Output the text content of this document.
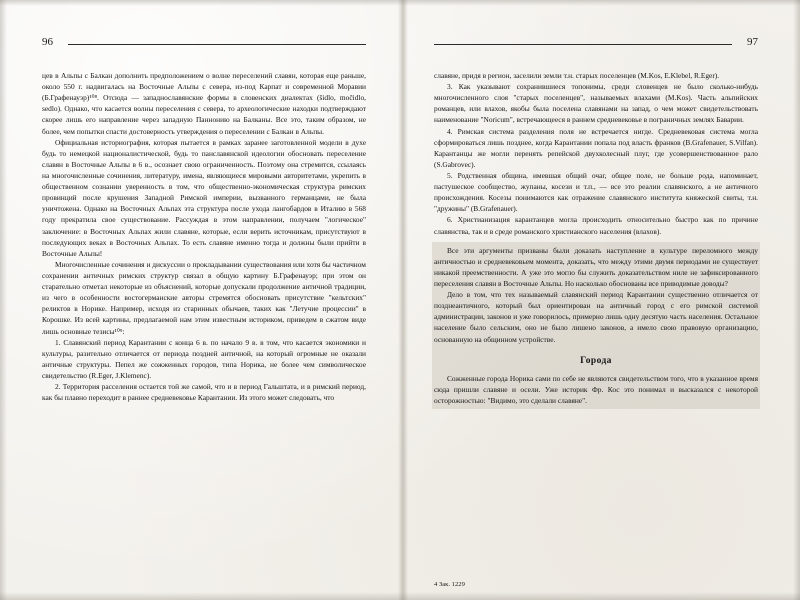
96

цев в Альпы с Балкан дополнить предположением о волне переселений славян, которая еще раньше, около 550 г. надвигалась на Восточные Альпы с севера, из-под Карпат и современной Моравии (Б.Графенауэр)¹⁰⁸. Отсюда — западнославянские формы в словенских диалектах (šidlo, močidlo, sedlo). Однако, что касается волны переселения с севера, то археологические находки подтверждают скорее лишь его направление через западную Паннонию на Балканы. Все это, таким образом, не более, чем попытки спасти достоверность утверждения о переселении с Балкан в Альпы.

Официальная историография, которая пытается в рамках заранее заготовленной модели в духе будь то немецкой националистической, будь то панславянской идеологии обосновать переселение славян в Восточные Альпы в 6 в., осознает свою ограниченность. Поэтому она стремится, ссылаясь на многочисленные сочинения, литературу, имена, являющиеся мировыми авторитетами, укрепить в общественном сознании уверенность в том, что общественно-экономическая структура римских провинций после крушения Западной Римской империи, вызванного германцами, не была уничтожена. Однако на Восточных Альпах эта структура после ухода лангобардов в Италию в 568 году прекратила свое существование. Рассуждая в этом направлении, получаем "логическое" заключение: в Восточных Альпах жили славяне, которые, если верить источникам, присутствуют в последующих веках в Восточных Альпах. То есть славяне именно тогда и должны были прийти в Восточные Альпы!

Многочисленные сочинения и дискуссии о прокладывании существования или хотя бы частичном сохранении античных римских структур связал в общую картину Б.Графенауэр; при этом он старательно отметал некоторые из объяснений, которые допускали продолжение античной традиции, из чего в особенности востогерманские авторы стремятся обосновать присутствие "кельтских" реликтов в Норике. Например, исходя из старинных обычаев, таких как "Летучие процессии" в Корошке. Из всей картины, предлагаемой нам этим известным историком, приведем в сжатом виде лишь основные тезисы¹⁰⁹:

1. Славянский период Карантании с конца 6 в. по начало 9 в. в том, что касается экономики и культуры, разительно отличается от периода поздней античной, на который огромные не оказали античные структуры. Пепел же сожженных городов, типа Норика, не более чем символическое свидетельство (R.Eger, J.Klemenc).

2. Территория расселения остается той же самой, что и в период Гальштата, и в римский период, как бы плавно переходит в раннее средневековье Карантании. Из этого может следовать, что

97

славяне, придя в регион, заселили земли т.н. старых поселенцев (M.Kos, E.Klebel, R.Eger).

3. Как указывают сохранившиеся топонимы, среди словенцев не было сколько-нибудь многочисленного слоя "старых поселенцев", называемых влахами (M.Kos). Часть альпийских романцев, или влахов, якобы была поселена славянами на запад, о чем может свидетельствовать наименование "Noricum", встречающееся в раннем средневековье в пограничных землях Баварии.

4. Римская система разделения поля не встречается нигде. Средневековая система могла сформироваться лишь позднее, когда Карантании попала под власть франков (B.Grafenauer, S.Vilfan). Карантанцы же могли перенять репейской двухколесный плуг, где усовершенствованное рало (S.Gabrovec).

5. Родственная община, имевшая общий очаг, общее поле, не больше рода, напоминает, пастушеское сообщество, жупаны, косези и т.п., — все это реалии славянского, а не античного происхождения. Косезы понимаются как отражение славянского института княжеской свиты, т.н. "дружины" (B.Grafenauer).

6. Христианизация карантанцев могла происходить относительно быстро как по причине славянства, так и в среде романского христианского населения (влахов).

Все эти аргументы призваны были доказать наступление в культуре переломного между античностью и средневековьем момента, доказать, что между этими двумя периодами не существует никакой преемственности. А уже это могло бы служить доказательством ниле не зафиксированного переселения славян в Восточные Альпы. Но насколько обоснованы все приводимые доводы?

Дело в том, что тех называемый славянский период Карантании существенно отличается от позднеантичного, который был ориентирован на античный город с его римской системой администрации, законов и уже говорилось, примерно лишь одну десятую часть населения. Остальное население было сельским, оно не было лишено законов, а имело свою правовую организацию, основанную на общинном устройстве.

Города

Сожженные города Норика сами по себе не являются свидетельством того, что в указанное время сюда пришли славяне и осели. Уже историк Фр. Кос это понимал и высказался с некоторой осторожностью: "Видимо, это сделали славяне".

4 Зак. 1229
